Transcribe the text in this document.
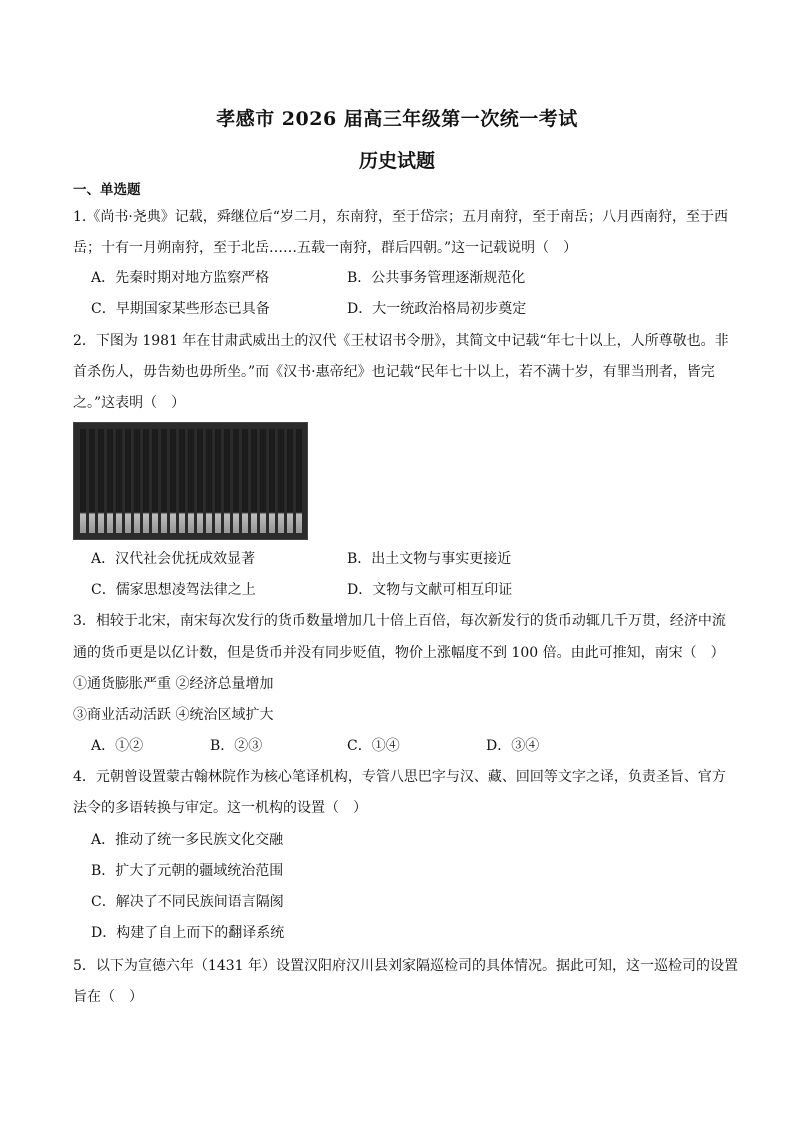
孝感市 2026 届高三年级第一次统一考试
历史试题
一、单选题
1.《尚书·尧典》记载，舜继位后“岁二月，东南狩，至于岱宗；五月南狩，至于南岳；八月西南狩，至于西
岳；十有一月朔南狩，至于北岳……五载一南狩，群后四朝。”这一记载说明（　）
A．先秦时期对地方监察严格	B．公共事务管理逐渐规范化
C．早期国家某些形态已具备	D．大一统政治格局初步奠定
2．下图为 1981 年在甘肃武威出土的汉代《王杖诏书令册》，其简文中记载“年七十以上，人所尊敬也。非
首杀伤人，毋告劾也毋所坐。”而《汉书·惠帝纪》也记载“民年七十以上，若不满十岁，有罪当刑者，皆完
之。”这表明（　）
A．汉代社会优抚成效显著	B．出土文物与事实更接近
C．儒家思想凌驾法律之上	D．文物与文献可相互印证
3．相较于北宋，南宋每次发行的货币数量增加几十倍上百倍，每次新发行的货币动辄几千万贯，经济中流
通的货币更是以亿计数，但是货币并没有同步贬值，物价上涨幅度不到 100 倍。由此可推知，南宋（　）
①通货膨胀严重 ②经济总量增加
③商业活动活跃 ④统治区域扩大
A．①②	B．②③	C．①④	D．③④
4．元朝曾设置蒙古翰林院作为核心笔译机构，专管八思巴字与汉、藏、回回等文字之译，负责圣旨、官方
法令的多语转换与审定。这一机构的设置（　）
A．推动了统一多民族文化交融
B．扩大了元朝的疆域统治范围
C．解决了不同民族间语言隔阂
D．构建了自上而下的翻译系统
5．以下为宣德六年（1431 年）设置汉阳府汉川县刘家隔巡检司的具体情况。据此可知，这一巡检司的设置
旨在（　）
